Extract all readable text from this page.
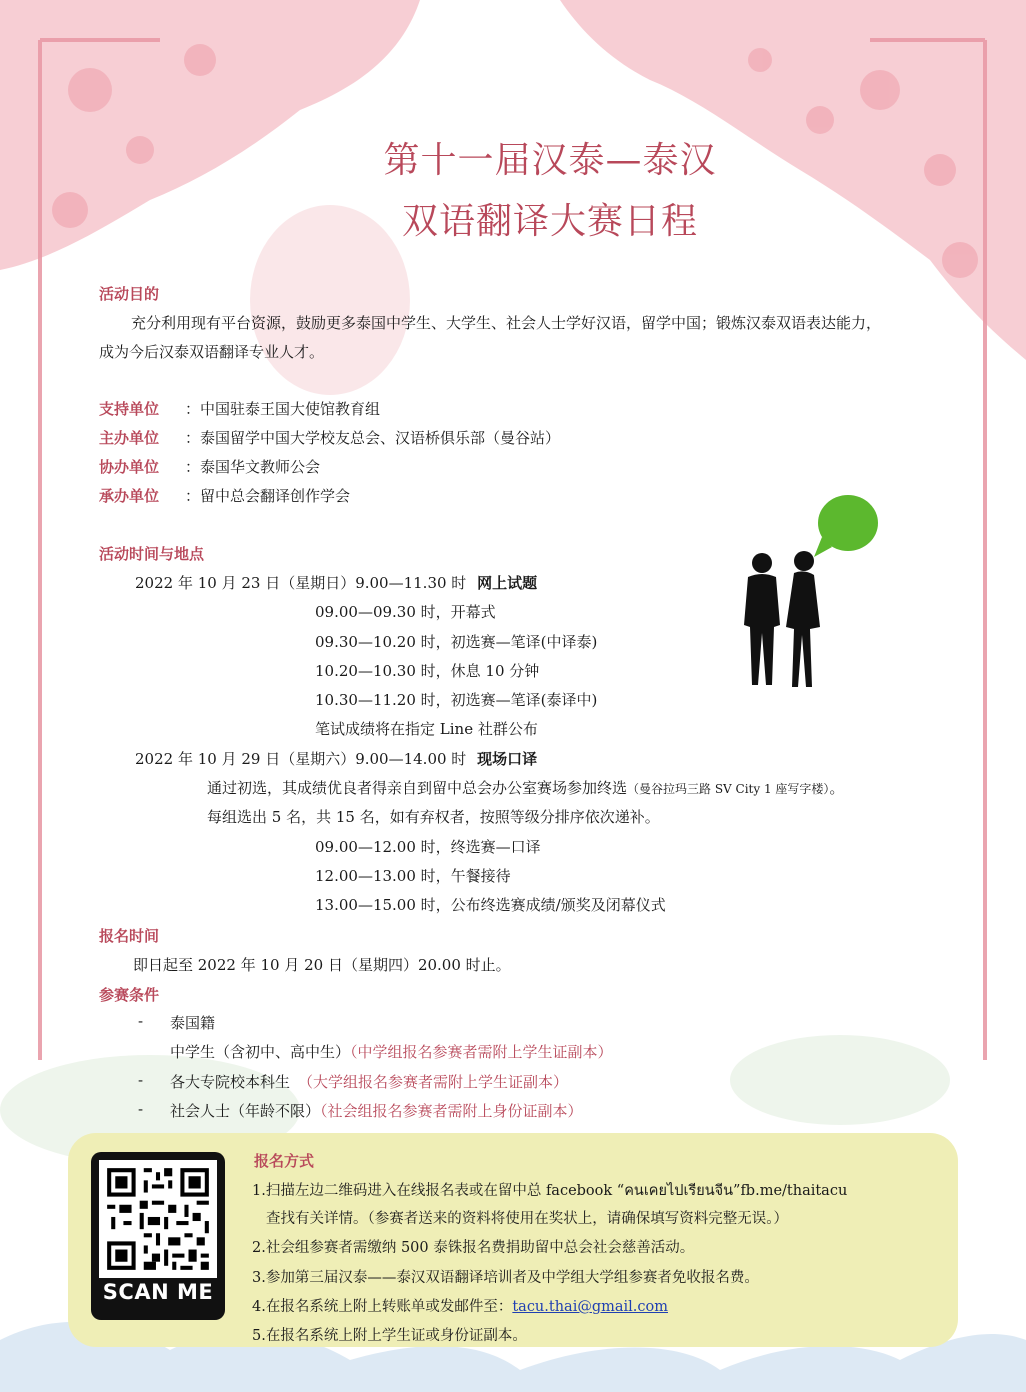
第十一届汉泰—泰汉
双语翻译大赛日程
活动目的
充分利用现有平台资源，鼓励更多泰国中学生、大学生、社会人士学好汉语，留学中国；锻炼汉泰双语表达能力，
成为今后汉泰双语翻译专业人才。
支持单位 ：中国驻泰王国大使馆教育组
主办单位 ：泰国留学中国大学校友总会、汉语桥俱乐部（曼谷站）
协办单位 ：泰国华文教师公会
承办单位 ：留中总会翻译创作学会
活动时间与地点
2022 年 10 月 23 日（星期日）9.00—11.30 时 网上试题
09.00—09.30 时，开幕式
09.30—10.20 时，初选赛—笔译(中译泰)
10.20—10.30 时，休息 10 分钟
10.30—11.20 时，初选赛—笔译(泰译中)
笔试成绩将在指定 Line 社群公布
2022 年 10 月 29 日（星期六）9.00—14.00 时 现场口译
通过初选，其成绩优良者得亲自到留中总会办公室赛场参加终选（曼谷拉玛三路 SV City 1 座写字楼）。
每组选出 5 名，共 15 名，如有弃权者，按照等级分排序依次递补。
09.00—12.00 时，终选赛—口译
12.00—13.00 时，午餐接待
13.00—15.00 时，公布终选赛成绩/颁奖及闭幕仪式
报名时间
即日起至 2022 年 10 月 20 日（星期四）20.00 时止。
参赛条件
- 泰国籍
中学生（含初中、高中生）（中学组报名参赛者需附上学生证副本）
- 各大专院校本科生 （大学组报名参赛者需附上学生证副本）
- 社会人士（年龄不限）（社会组报名参赛者需附上身份证副本）
SCAN ME
报名方式
1.扫描左边二维码进入在线报名表或在留中总 facebook “คนเคยไปเรียนจีน”fb.me/thaitacu
查找有关详情。（参赛者送来的资料将使用在奖状上，请确保填写资料完整无误。）
2.社会组参赛者需缴纳 500 泰铢报名费捐助留中总会社会慈善活动。
3.参加第三届汉泰——泰汉双语翻译培训者及中学组大学组参赛者免收报名费。
4.在报名系统上附上转账单或发邮件至：tacu.thai@gmail.com
5.在报名系统上附上学生证或身份证副本。
